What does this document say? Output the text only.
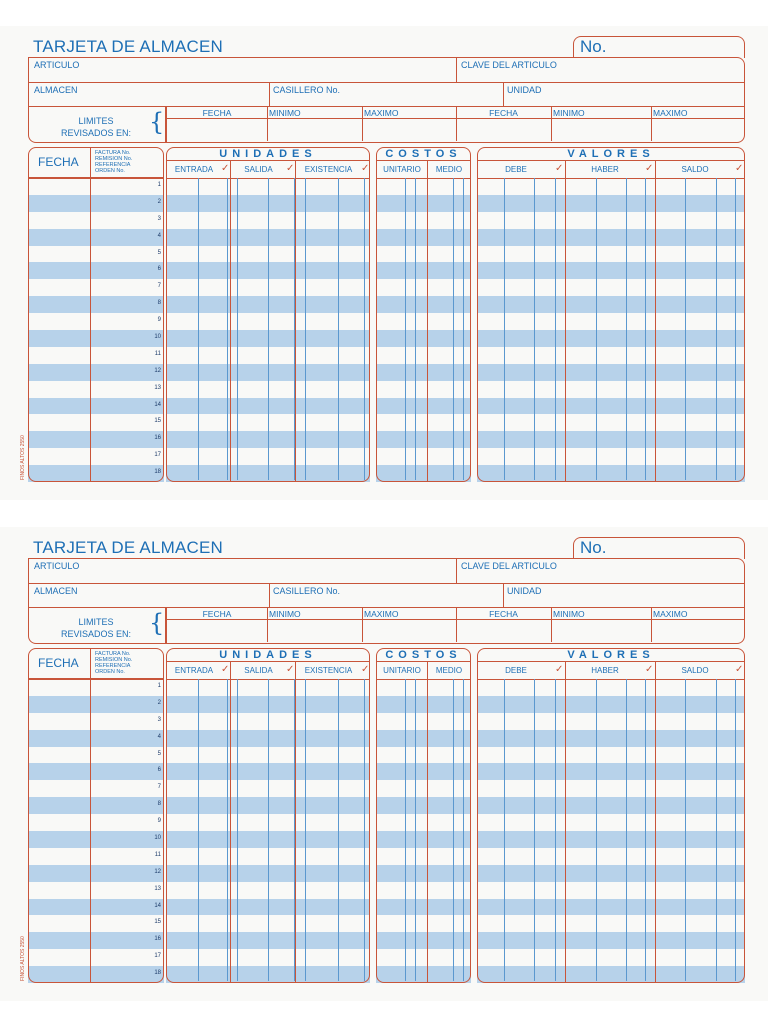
TARJETA DE ALMACEN	No.
ARTICULO	CLAVE DEL ARTICULO
ALMACEN	CASILLERO No.	UNIDAD
LIMITES
REVISADOS EN: {	FECHA	MINIMO	MAXIMO	FECHA	MINIMO	MAXIMO
FECHA
FACTURA No.
REMISION No.
REFERENCIA
ORDEN No.
1
2
3
4
5
6
7
8
9
10
11
12
13
14
15
16
17
18
UNIDADES
ENTRADA ✓	SALIDA	✓	EXISTENCIA ✓
COSTOS
UNITARIO	MEDIO
VALORES
DEBE	✓	HABER	✓	SALDO	✓
FINOS ALTOS 2550
TARJETA DE ALMACEN	No.
ARTICULO	CLAVE DEL ARTICULO
ALMACEN	CASILLERO No.	UNIDAD
LIMITES
REVISADOS EN: {	FECHA	MINIMO	MAXIMO	FECHA	MINIMO	MAXIMO
FECHA
FACTURA No.
REMISION No.
REFERENCIA
ORDEN No.
1
2
3
4
5
6
7
8
9
10
11
12
13
14
15
16
17
18
UNIDADES
ENTRADA ✓	SALIDA	✓	EXISTENCIA ✓
COSTOS
UNITARIO	MEDIO
VALORES
DEBE	✓	HABER	✓	SALDO	✓
FINOS ALTOS 2550
